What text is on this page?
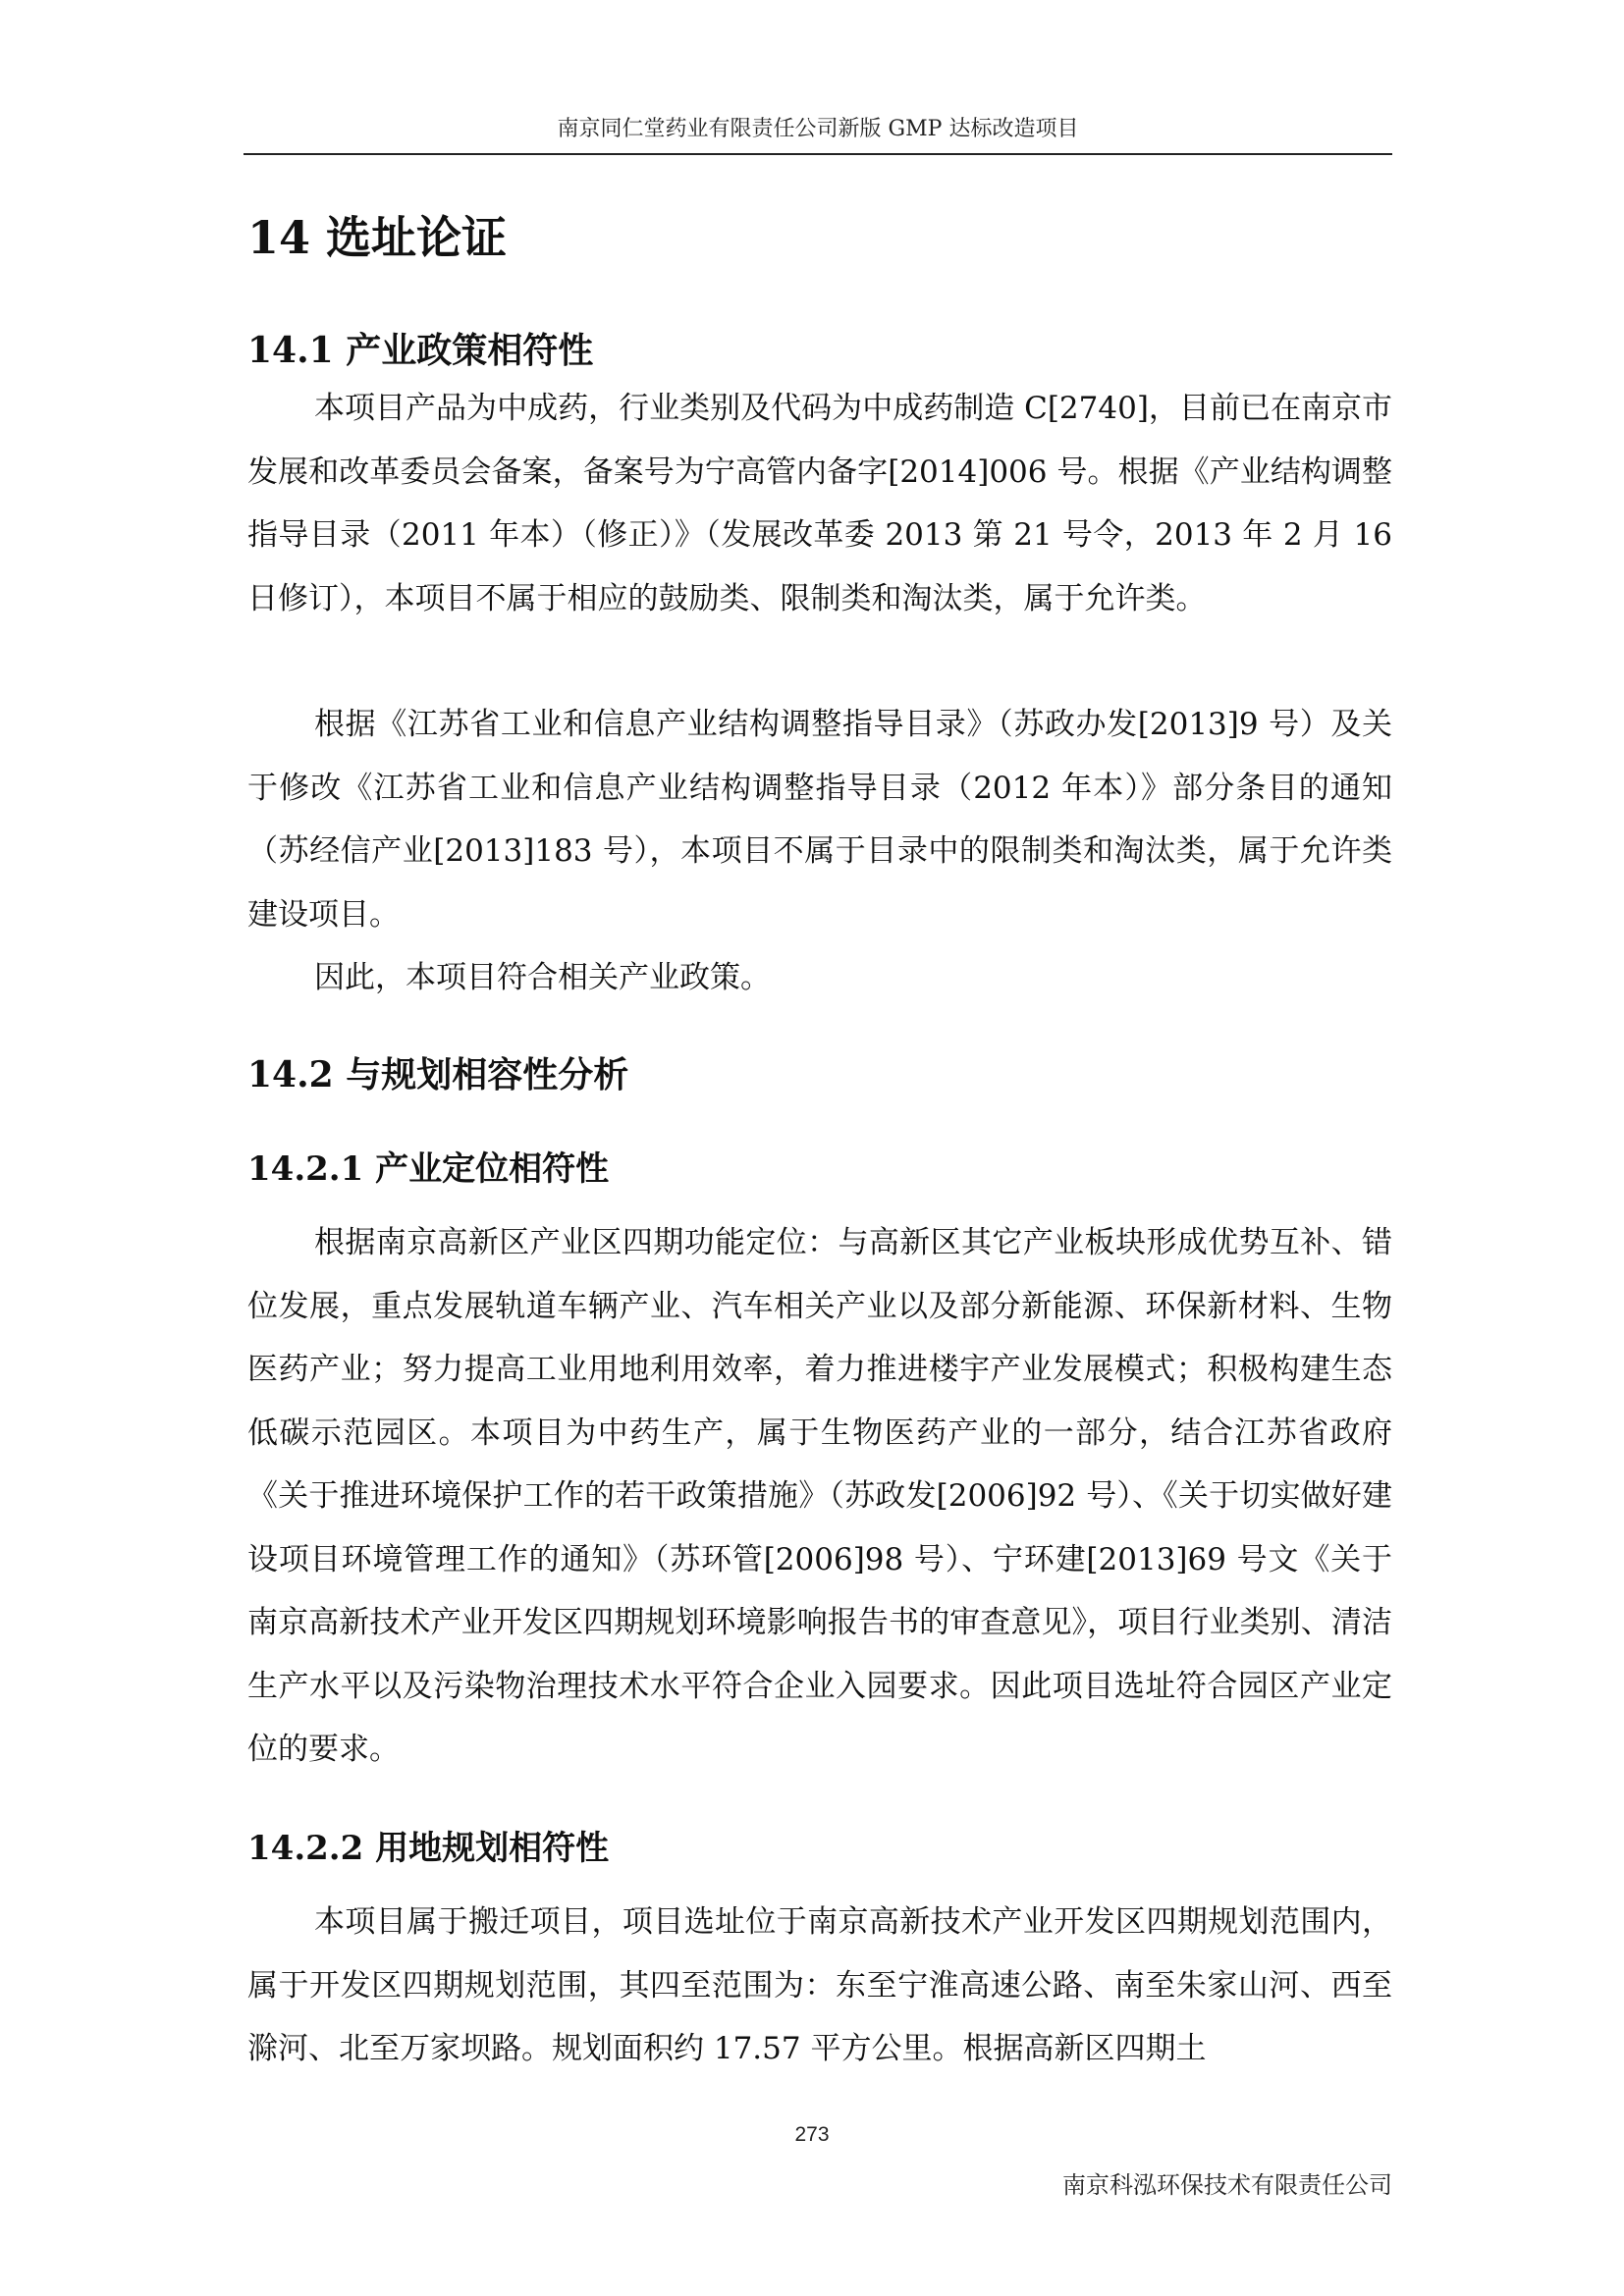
南京同仁堂药业有限责任公司新版 GMP 达标改造项目
14 选址论证
14.1 产业政策相符性

本项目产品为中成药，行业类别及代码为中成药制造 C[2740]，目前已在南京市发展和改革委员会备案，备案号为宁高管内备字[2014]006 号。根据《产业结构调整指导目录（2011 年本）（修正）》（发展改革委 2013 第 21 号令，2013 年 2 月 16 日修订），本项目不属于相应的鼓励类、限制类和淘汰类，属于允许类。

根据《江苏省工业和信息产业结构调整指导目录》（苏政办发[2013]9 号）及关于修改《江苏省工业和信息产业结构调整指导目录（2012 年本）》部分条目的通知（苏经信产业[2013]183 号），本项目不属于目录中的限制类和淘汰类，属于允许类建设项目。

因此，本项目符合相关产业政策。

14.2 与规划相容性分析
14.2.1 产业定位相符性

根据南京高新区产业区四期功能定位：与高新区其它产业板块形成优势互补、错位发展，重点发展轨道车辆产业、汽车相关产业以及部分新能源、环保新材料、生物医药产业；努力提高工业用地利用效率，着力推进楼宇产业发展模式；积极构建生态低碳示范园区。本项目为中药生产，属于生物医药产业的一部分，结合江苏省政府《关于推进环境保护工作的若干政策措施》（苏政发[2006]92 号）、《关于切实做好建设项目环境管理工作的通知》（苏环管[2006]98 号）、宁环建[2013]69 号文《关于南京高新技术产业开发区四期规划环境影响报告书的审查意见》，项目行业类别、清洁生产水平以及污染物治理技术水平符合企业入园要求。因此项目选址符合园区产业定位的要求。

14.2.2 用地规划相符性

本项目属于搬迁项目，项目选址位于南京高新技术产业开发区四期规划范围内，属于开发区四期规划范围，其四至范围为：东至宁淮高速公路、南至朱家山河、西至滁河、北至万家坝路。规划面积约 17.57 平方公里。根据高新区四期土

273
南京科泓环保技术有限责任公司
